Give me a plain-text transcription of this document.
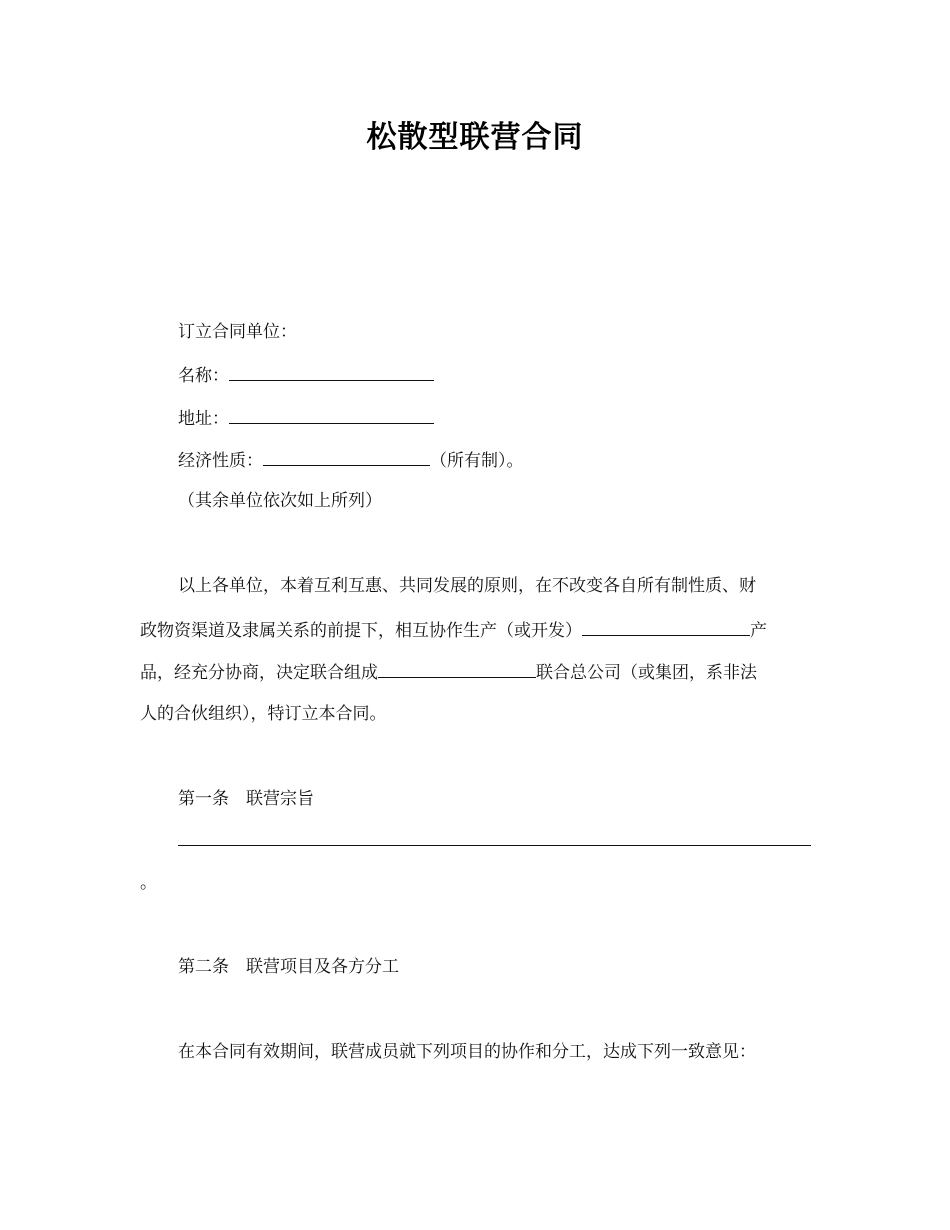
松散型联营合同
订立合同单位：
名称：
地址：
经济性质：	（所有制）。
（其余单位依次如上所列）
以上各单位，本着互利互惠、共同发展的原则，在不改变各自所有制性质、财
政物资渠道及隶属关系的前提下，相互协作生产（或开发）	产
品，经充分协商，决定联合组成	联合总公司（或集团，系非法
人的合伙组织），特订立本合同。
第一条　联营宗旨
。
第二条　联营项目及各方分工
在本合同有效期间，联营成员就下列项目的协作和分工，达成下列一致意见：
